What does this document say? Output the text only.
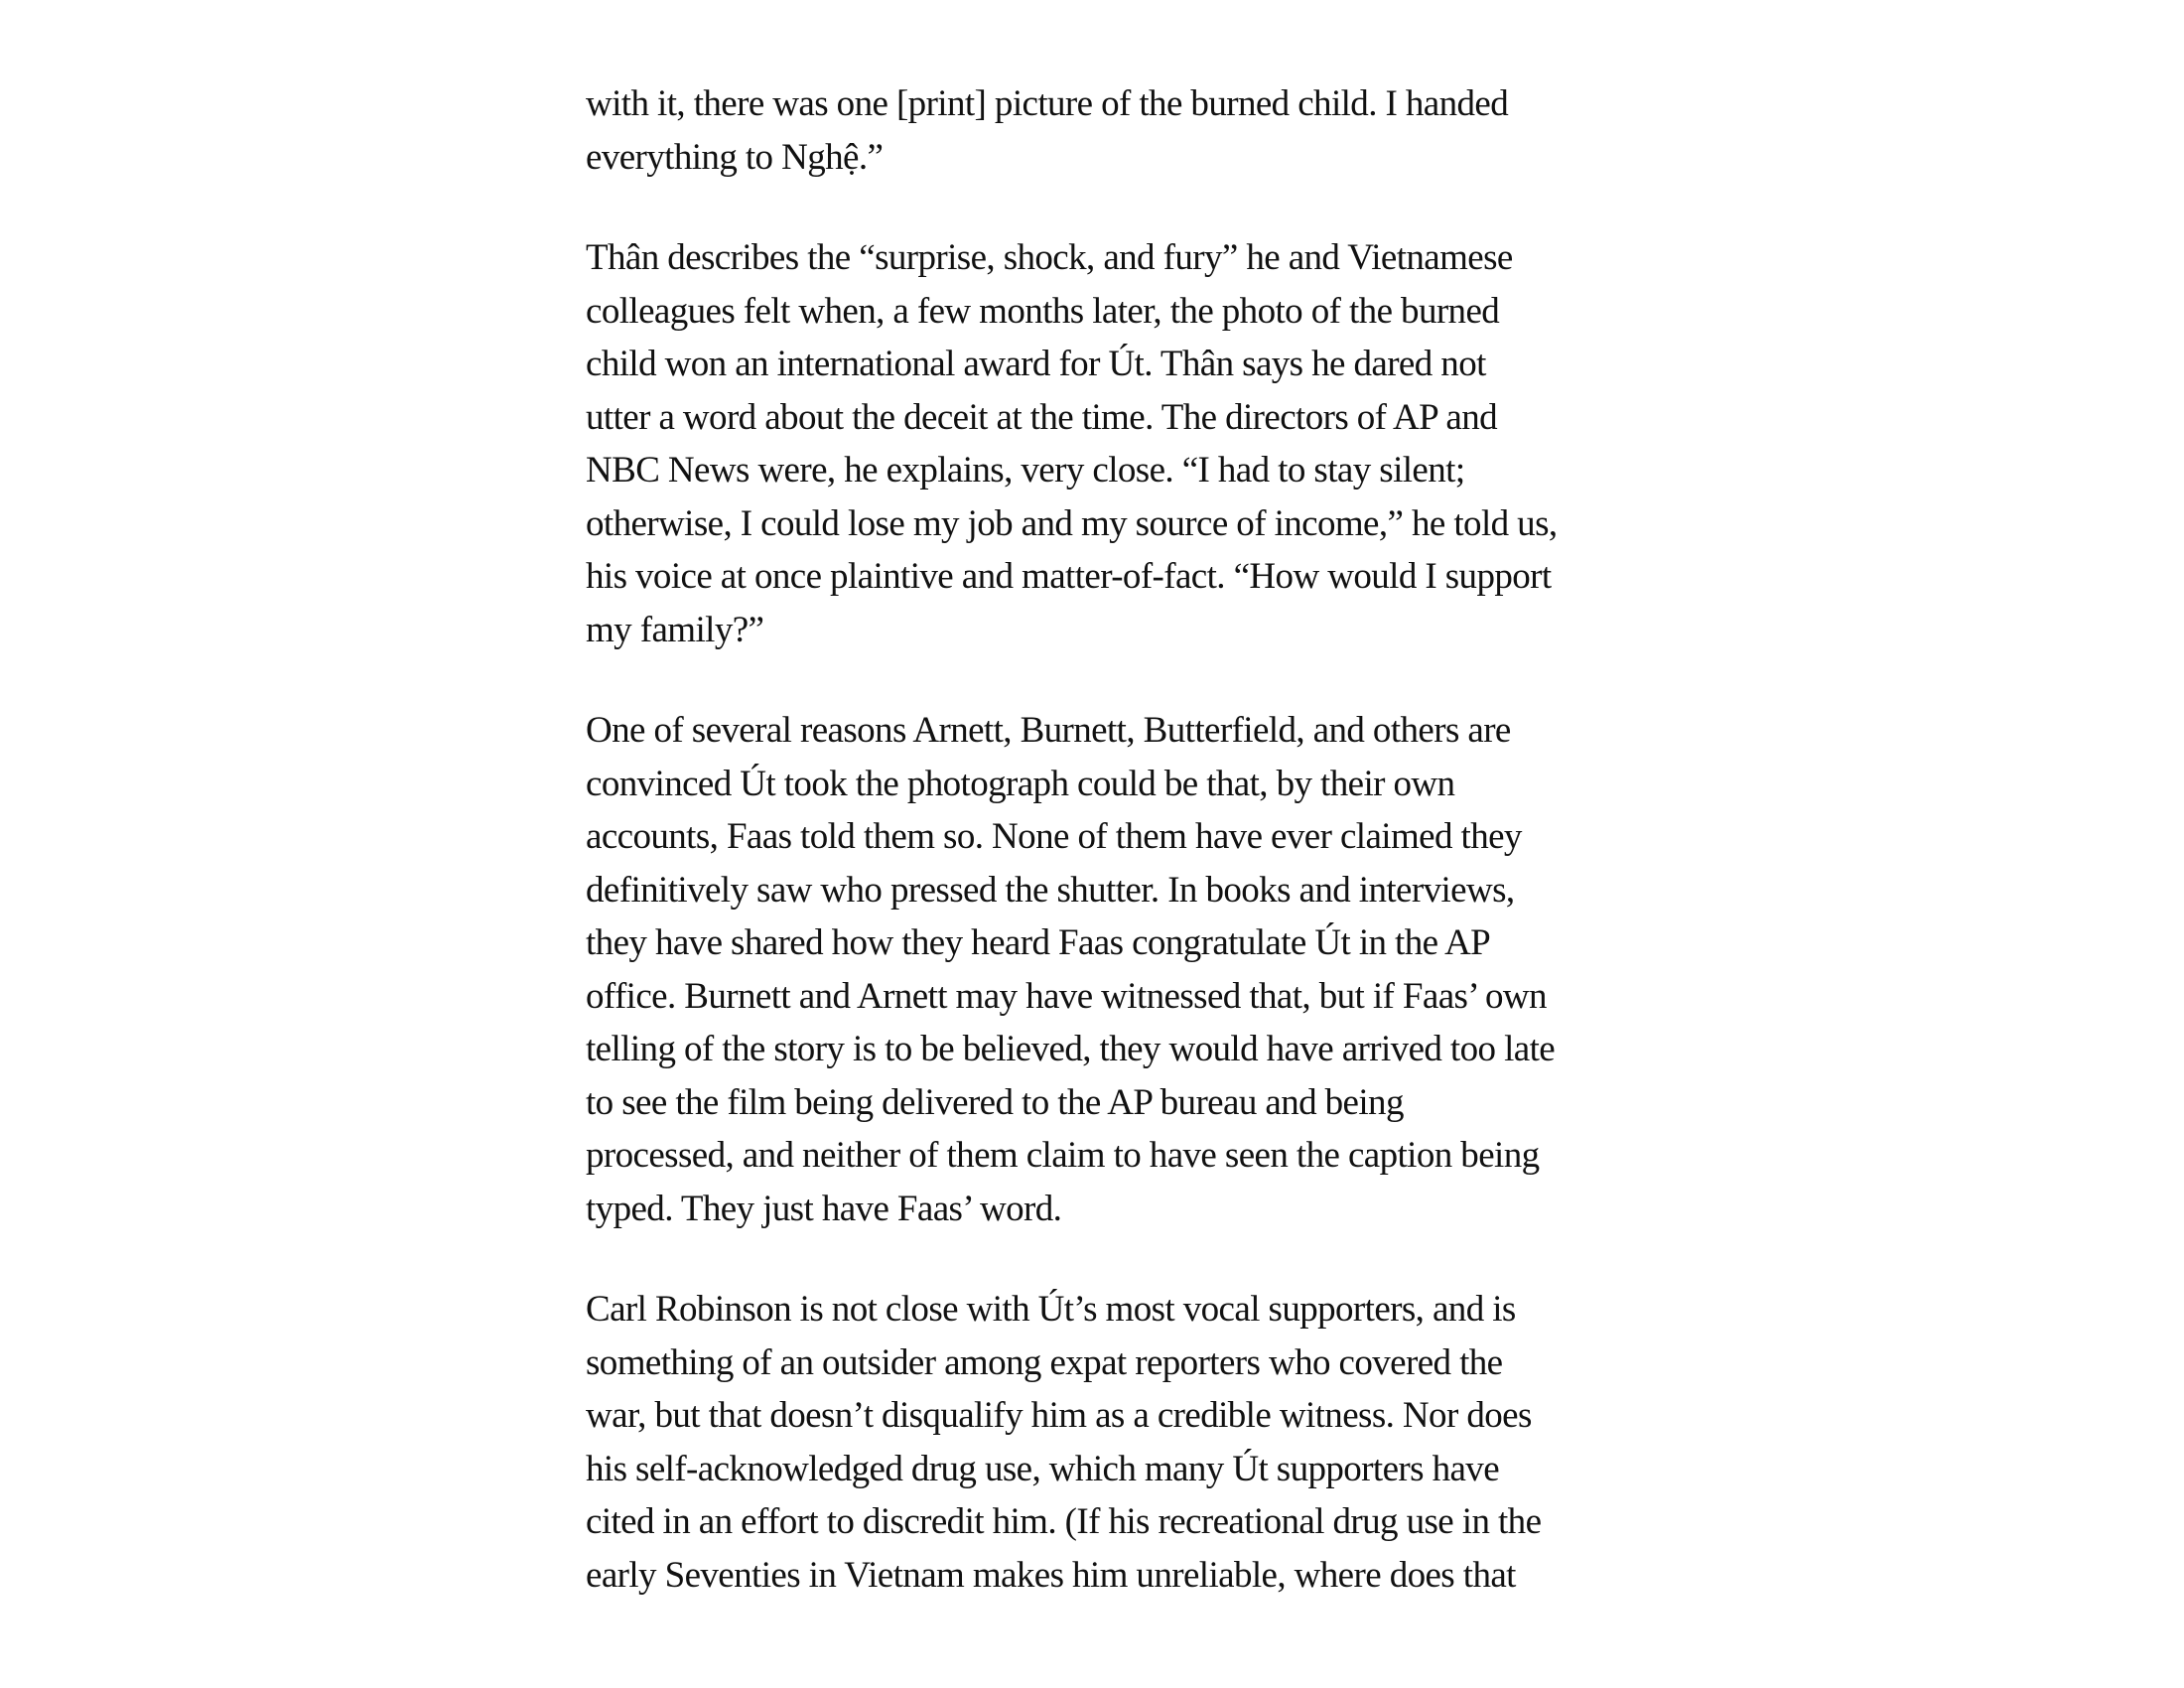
with it, there was one [print] picture of the burned child. I handed
everything to Nghệ.”

Thân describes the “surprise, shock, and fury” he and Vietnamese
colleagues felt when, a few months later, the photo of the burned
child won an international award for Út. Thân says he dared not
utter a word about the deceit at the time. The directors of AP and
NBC News were, he explains, very close. “I had to stay silent;
otherwise, I could lose my job and my source of income,” he told us,
his voice at once plaintive and matter-of-fact. “How would I support
my family?”

One of several reasons Arnett, Burnett, Butterfield, and others are
convinced Út took the photograph could be that, by their own
accounts, Faas told them so. None of them have ever claimed they
definitively saw who pressed the shutter. In books and interviews,
they have shared how they heard Faas congratulate Út in the AP
office. Burnett and Arnett may have witnessed that, but if Faas’ own
telling of the story is to be believed, they would have arrived too late
to see the film being delivered to the AP bureau and being
processed, and neither of them claim to have seen the caption being
typed. They just have Faas’ word.

Carl Robinson is not close with Út’s most vocal supporters, and is
something of an outsider among expat reporters who covered the
war, but that doesn’t disqualify him as a credible witness. Nor does
his self-acknowledged drug use, which many Út supporters have
cited in an effort to discredit him. (If his recreational drug use in the
early Seventies in Vietnam makes him unreliable, where does that
